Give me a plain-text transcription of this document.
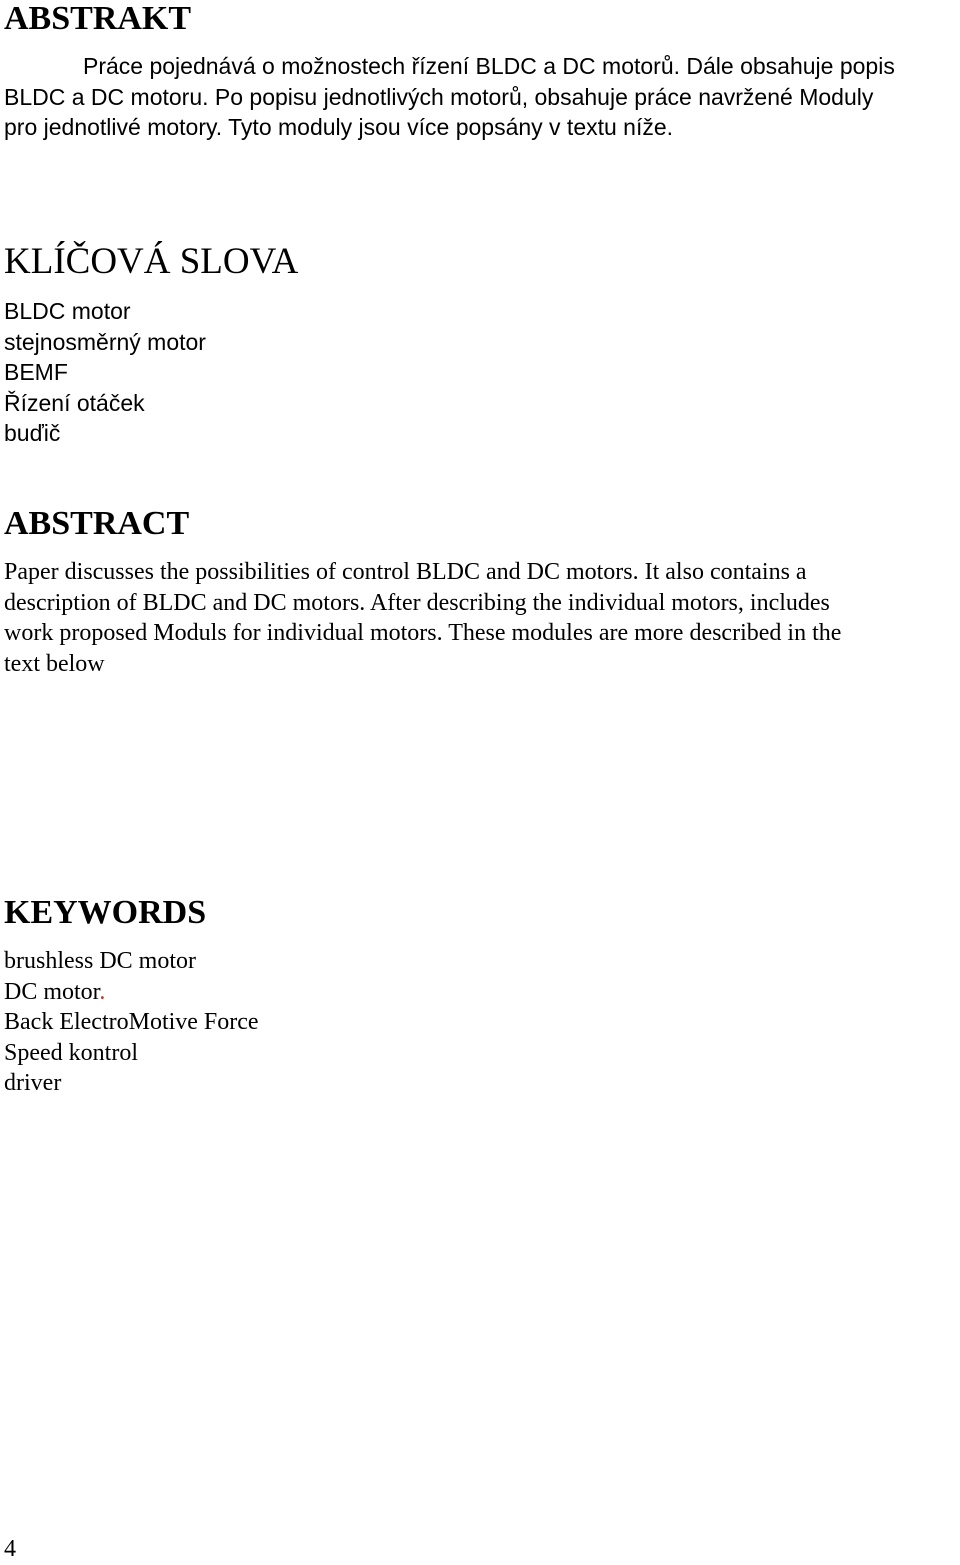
ABSTRAKT

Práce pojednává o možnostech řízení BLDC a DC motorů. Dále obsahuje popis

BLDC a DC motoru. Po popisu jednotlivých motorů, obsahuje práce navržené Moduly

pro jednotlivé motory. Tyto moduly jsou více popsány v textu níže.

KLÍČOVÁ SLOVA

BLDC motor

stejnosměrný motor

BEMF

Řízení otáček

buďič

ABSTRACT

Paper discusses the possibilities of control BLDC and DC motors. It also contains a

description of BLDC and DC motors. After describing the individual motors, includes

work proposed Moduls for individual motors. These modules are more described in the

text below

KEYWORDS

brushless DC motor

DC motor.

Back ElectroMotive Force

Speed kontrol

driver

4
